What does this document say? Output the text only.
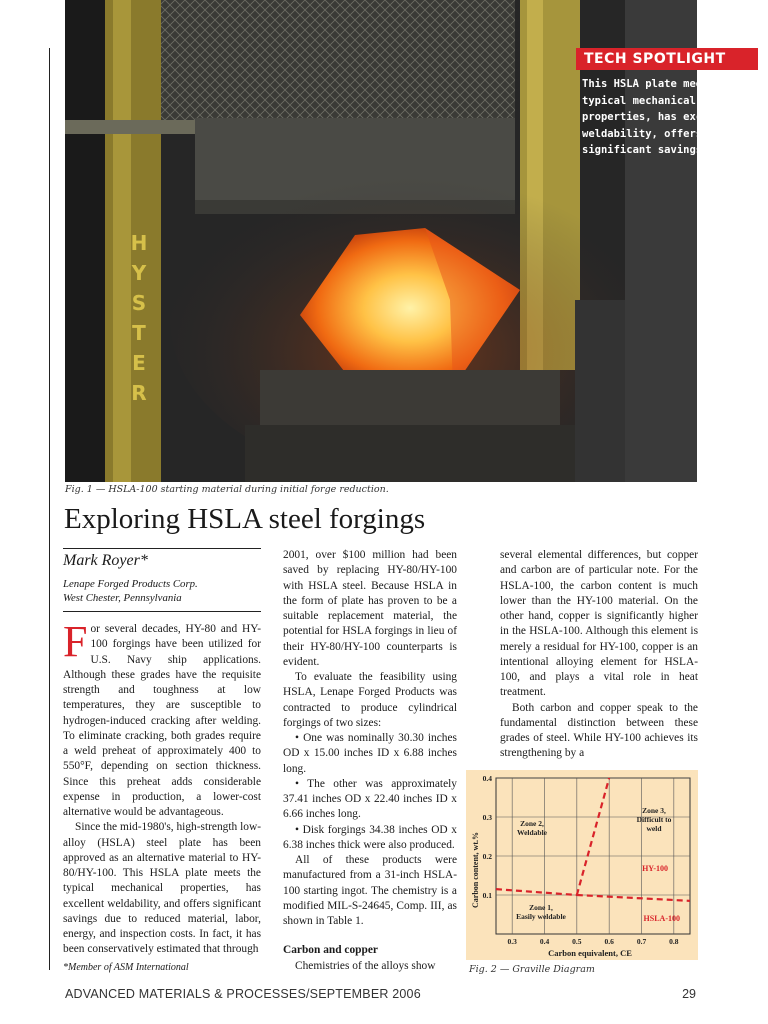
H Y S T E R
TECH SPOTLIGHT
This HSLA plate meets the typical mechanical properties, has excellent weldability, offers significant savings.
Fig. 1 — HSLA-100 starting material during initial forge reduction.
Exploring HSLA steel forgings
Mark Royer*
Lenape Forged Products Corp.
West Chester, Pennsylvania
F or several decades, HY-80 and HY-100 forgings have been utilized for U.S. Navy ship applications. Although these grades have the requisite strength and toughness at low temperatures, they are susceptible to hydrogen-induced cracking after welding. To eliminate cracking, both grades require a weld preheat of approximately 400 to 550°F, depending on section thickness. Since this preheat adds considerable expense in production, a lower-cost alternative would be advantageous.

Since the mid-1980's, high-strength low-alloy (HSLA) steel plate has been approved as an alternative material to HY-80/HY-100. This HSLA plate meets the typical mechanical properties, has excellent weldability, and offers significant savings due to reduced material, labor, energy, and inspection costs. In fact, it has been conservatively estimated that through

*Member of ASM International

2001, over $100 million had been saved by replacing HY-80/HY-100 with HSLA steel. Because HSLA in the form of plate has proven to be a suitable replacement material, the potential for HSLA forgings in lieu of their HY-80/HY-100 counterparts is evident.

To evaluate the feasibility using HSLA, Lenape Forged Products was contracted to produce cylindrical forgings of two sizes:

• One was nominally 30.30 inches OD x 15.00 inches ID x 6.88 inches long.

• The other was approximately 37.41 inches OD x 22.40 inches ID x 6.66 inches long.

• Disk forgings 34.38 inches OD x 6.38 inches thick were also produced.

All of these products were manufactured from a 31-inch HSLA-100 starting ingot. The chemistry is a modified MIL-S-24645, Comp. III, as shown in Table 1.

Carbon and copper

Chemistries of the alloys show

several elemental differences, but copper and carbon are of particular note. For the HSLA-100, the carbon content is much lower than the HY-100 material. On the other hand, copper is significantly higher in the HSLA-100. Although this element is merely a residual for HY-100, copper is an intentional alloying element for HSLA-100, and plays a vital role in heat treatment.

Both carbon and copper speak to the fundamental distinction between these grades of steel. While HY-100 achieves its strengthening by a

0.3	0.4	0.5	0.6	0.7	0.8
0.1
0.2
0.3
0.4
Carbon equivalent, CE
Carbon content, wt.%
Zone 2, Weldable
Zone 3, Difficult to weld
Zone 1, Easily weldable
HY-100
HSLA-100
Fig. 2 — Graville Diagram
ADVANCED MATERIALS & PROCESSES/SEPTEMBER 2006	29
